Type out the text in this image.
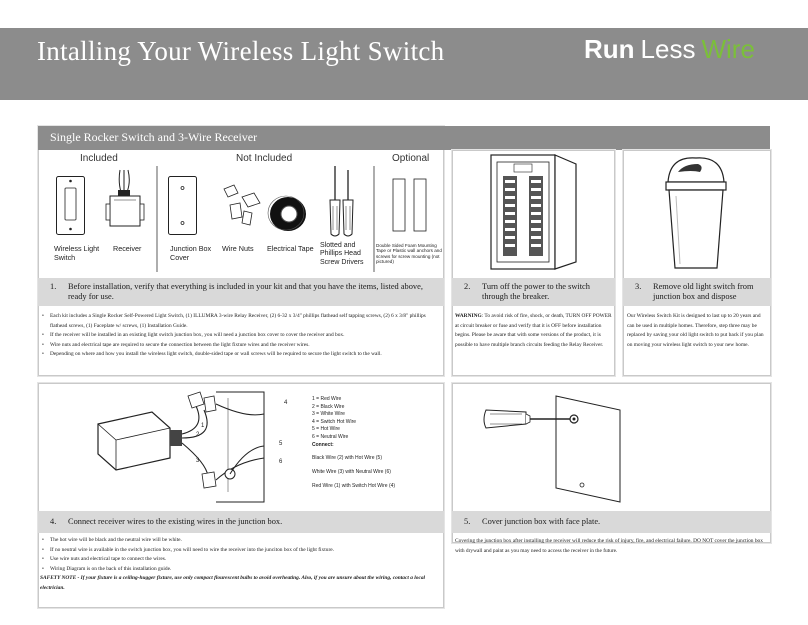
Intalling Your Wireless Light Switch	Run Less Wire
Single Rocker Switch and 3-Wire Receiver
Included	Not Included	Optional
Wireless Light Switch
Receiver	Junction Box Cover
Wire Nuts Electrical Tape Slotted and Phillips Head Screw Drivers
Double Sided Foam Mounting Tape or Plastic wall anchors and screws for screw mounting (not pictured)
1. Before installation, verify that everything is included in your kit and that you have the items, listed above, ready for use.
• Each kit includes a Single Rocker Self-Powered Light Switch, (1) ILLUMRA 3-wire Relay Receiver, (2) 6-32 x 3/4" phillips flathead self tapping screws, (2) 6 x 3/8" phillips flathead screws, (1) Faceplate w/ screws, (1) Installation Guide.
• If the receiver will be installed in an existing light switch junction box, you will need a junction box cover to cover the receiver and box.
• Wire nuts and electrical tape are required to secure the connection between the light fixture wires and the receiver wires.
• Depending on where and how you install the wireless light switch, double-sided tape or wall screws will be required to secure the light switch to the wall.
2. Turn off the power to the switch through the breaker.
WARNING: To avoid risk of fire, shock, or death, TURN OFF POWER at circuit breaker or fuse and verify that it is OFF before installation begins. Please be aware that with some versions of the product, it is possible to have multiple branch circuits feeding the Relay Receiver.
3. Remove old light switch from junction box and dispose
Our Wireless Switch Kit is designed to last up to 20 years and can be used in multiple homes. Therefore, step three may be replaced by saving your old light switch to put back if you plan on moving your wireless light switch to your new home.
1
2
3
4
5
6
1 = Red Wire
2 = Black Wire
3 = White Wire
4 = Switch Hot Wire
5 = Hot Wire
6 = Neutral Wire
Connect:
Black Wire (2) with Hot Wire (5)
White Wire (3) with Neutral Wire (6)
Red Wire (1) with Switch Hot Wire (4)
4. Connect receiver wires to the existing wires in the junction box.
• The hot wire will be black and the neutral wire will be white.
• If no neutral wire is available in the switch junction box, you will need to wire the receiver into the junciton box of the light fixture.
• Use wire nuts and electrical tape to connect the wires.
• Wiring Diagram is on the back of this installation guide.
SAFETY NOTE - If your fixture is a ceiling-hugger fixture, use only compact flourescent bulbs to avoid overheating. Also, if you are unsure about the wiring, contact a local electrician.
5. Cover junction box with face plate.
Covering the junction box after installing the receiver will reduce the risk of injury, fire, and electrical failure. DO NOT cover the junction box with drywall and paint as you may need to access the receiver in the future.
